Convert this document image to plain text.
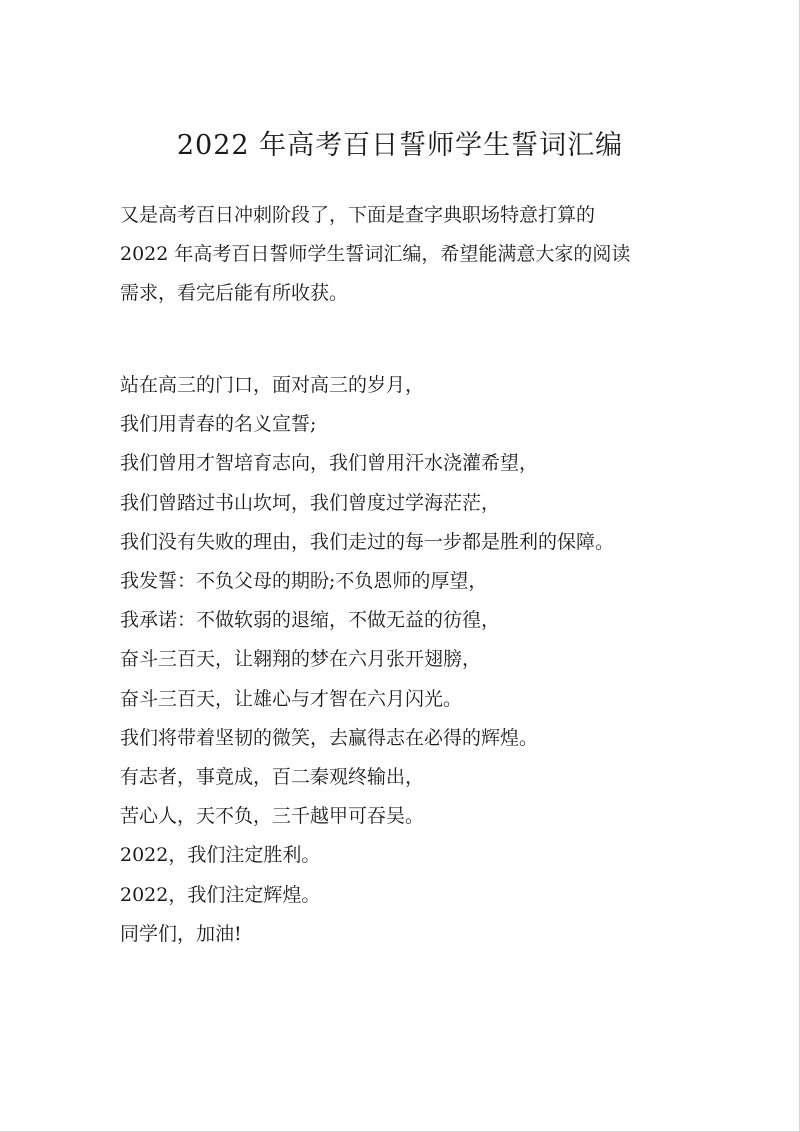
2022 年高考百日誓师学生誓词汇编

又是高考百日冲刺阶段了，下面是查字典职场特意打算的

2022 年高考百日誓师学生誓词汇编，希望能满意大家的阅读

需求，看完后能有所收获。

站在高三的门口，面对高三的岁月，

我们用青春的名义宣誓;

我们曾用才智培育志向，我们曾用汗水浇灌希望，

我们曾踏过书山坎坷，我们曾度过学海茫茫，

我们没有失败的理由，我们走过的每一步都是胜利的保障。

我发誓：不负父母的期盼;不负恩师的厚望，

我承诺：不做软弱的退缩，不做无益的彷徨，

奋斗三百天，让翱翔的梦在六月张开翅膀，

奋斗三百天，让雄心与才智在六月闪光。

我们将带着坚韧的微笑，去赢得志在必得的辉煌。

有志者，事竟成，百二秦观终输出，

苦心人，天不负，三千越甲可吞吴。

2022，我们注定胜利。

2022，我们注定辉煌。

同学们，加油!
